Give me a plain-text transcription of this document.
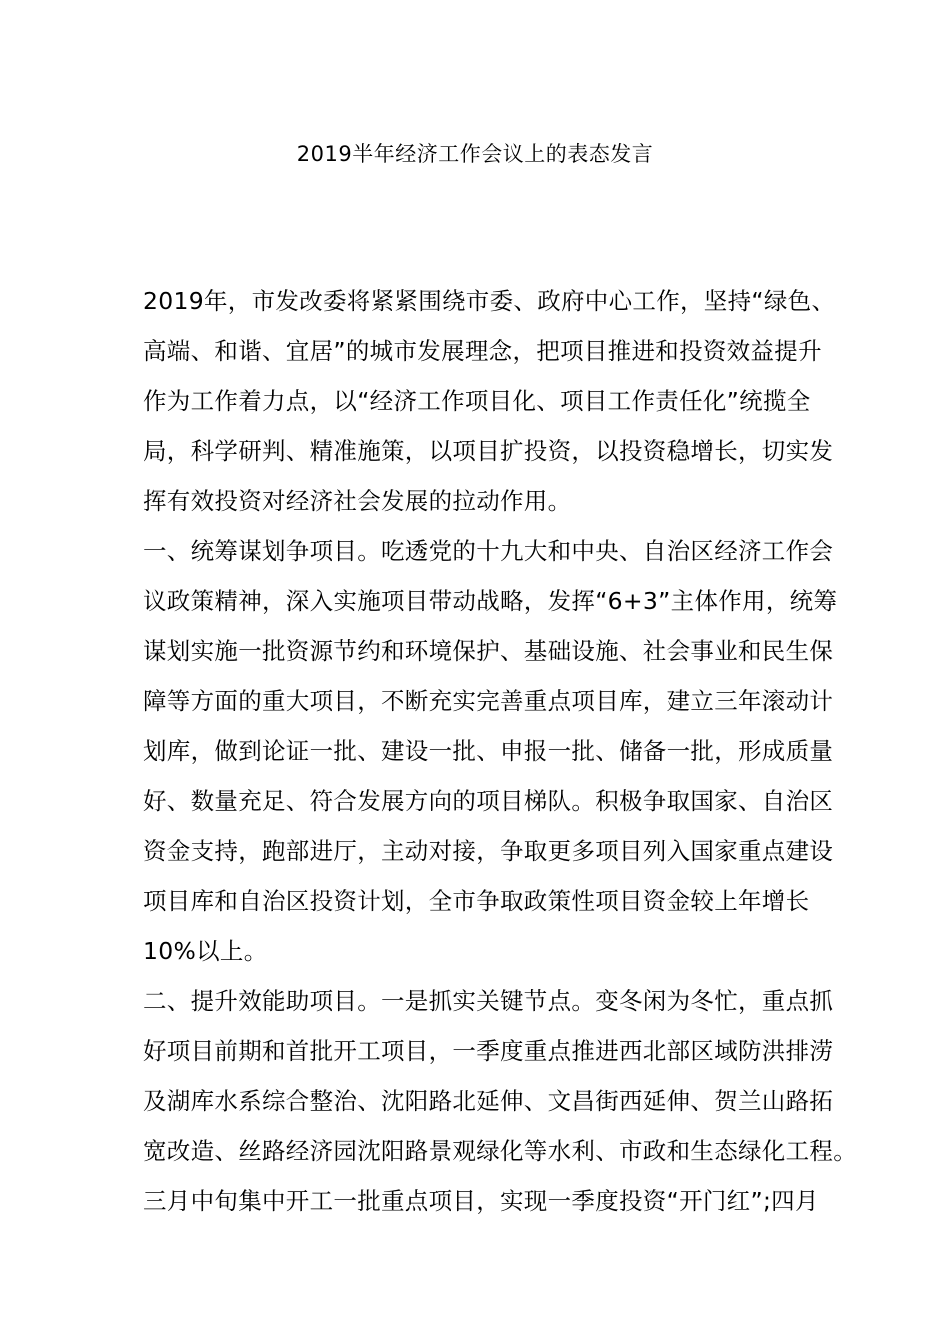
2019半年经济工作会议上的表态发言
2019年，市发改委将紧紧围绕市委、政府中心工作，坚持“绿色、
高端、和谐、宜居”的城市发展理念，把项目推进和投资效益提升
作为工作着力点，以“经济工作项目化、项目工作责任化”统揽全
局，科学研判、精准施策，以项目扩投资，以投资稳增长，切实发
挥有效投资对经济社会发展的拉动作用。
一、统筹谋划争项目。吃透党的十九大和中央、自治区经济工作会
议政策精神，深入实施项目带动战略，发挥“6+3”主体作用，统筹
谋划实施一批资源节约和环境保护、基础设施、社会事业和民生保
障等方面的重大项目，不断充实完善重点项目库，建立三年滚动计
划库，做到论证一批、建设一批、申报一批、储备一批，形成质量
好、数量充足、符合发展方向的项目梯队。积极争取国家、自治区
资金支持，跑部进厅，主动对接，争取更多项目列入国家重点建设
项目库和自治区投资计划，全市争取政策性项目资金较上年增长
10%以上。
二、提升效能助项目。一是抓实关键节点。变冬闲为冬忙，重点抓
好项目前期和首批开工项目，一季度重点推进西北部区域防洪排涝
及湖库水系综合整治、沈阳路北延伸、文昌街西延伸、贺兰山路拓
宽改造、丝路经济园沈阳路景观绿化等水利、市政和生态绿化工程。
三月中旬集中开工一批重点项目，实现一季度投资“开门红”;四月
